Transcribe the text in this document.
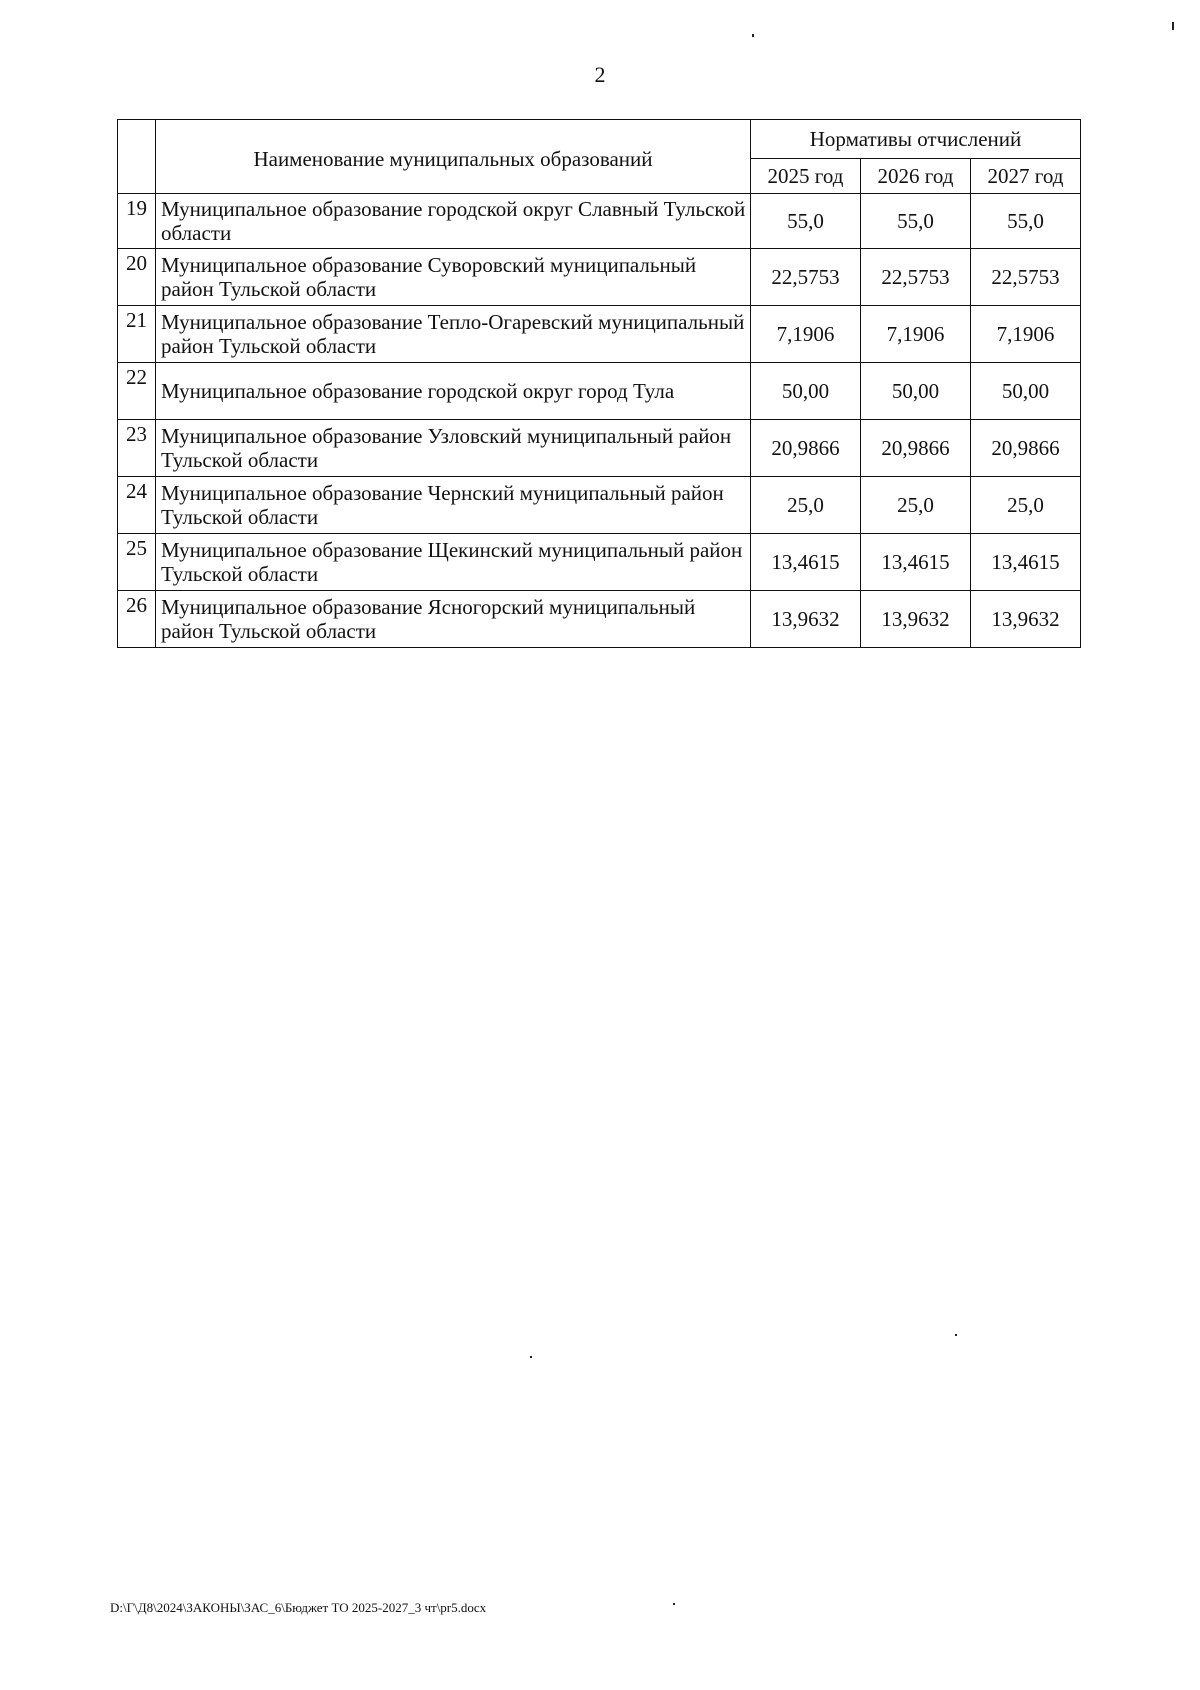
2
	Наименование муниципальных образований	Нормативы отчислений		
		2025 год	2026 год	2027 год
19	Муниципальное образование городской округ Славный Тульской области	55,0	55,0	55,0
20	Муниципальное образование Суворовский муниципальный район Тульской области	22,5753	22,5753	22,5753
21	Муниципальное образование Тепло-Огаревский муниципальный район Тульской области	7,1906	7,1906	7,1906
22	Муниципальное образование городской округ город Тула	50,00	50,00	50,00
23	Муниципальное образование Узловский муниципальный район Тульской области	20,9866	20,9866	20,9866
24	Муниципальное образование Чернский муниципальный район Тульской области	25,0	25,0	25,0
25	Муниципальное образование Щекинский муниципальный район Тульской области	13,4615	13,4615	13,4615
26	Муниципальное образование Ясногорский муниципальный район Тульской области	13,9632	13,9632	13,9632
D:\Г\Д8\2024\ЗАКОНЫ\ЗАС_6\Бюджет ТО 2025-2027_3 чт\pr5.docx
